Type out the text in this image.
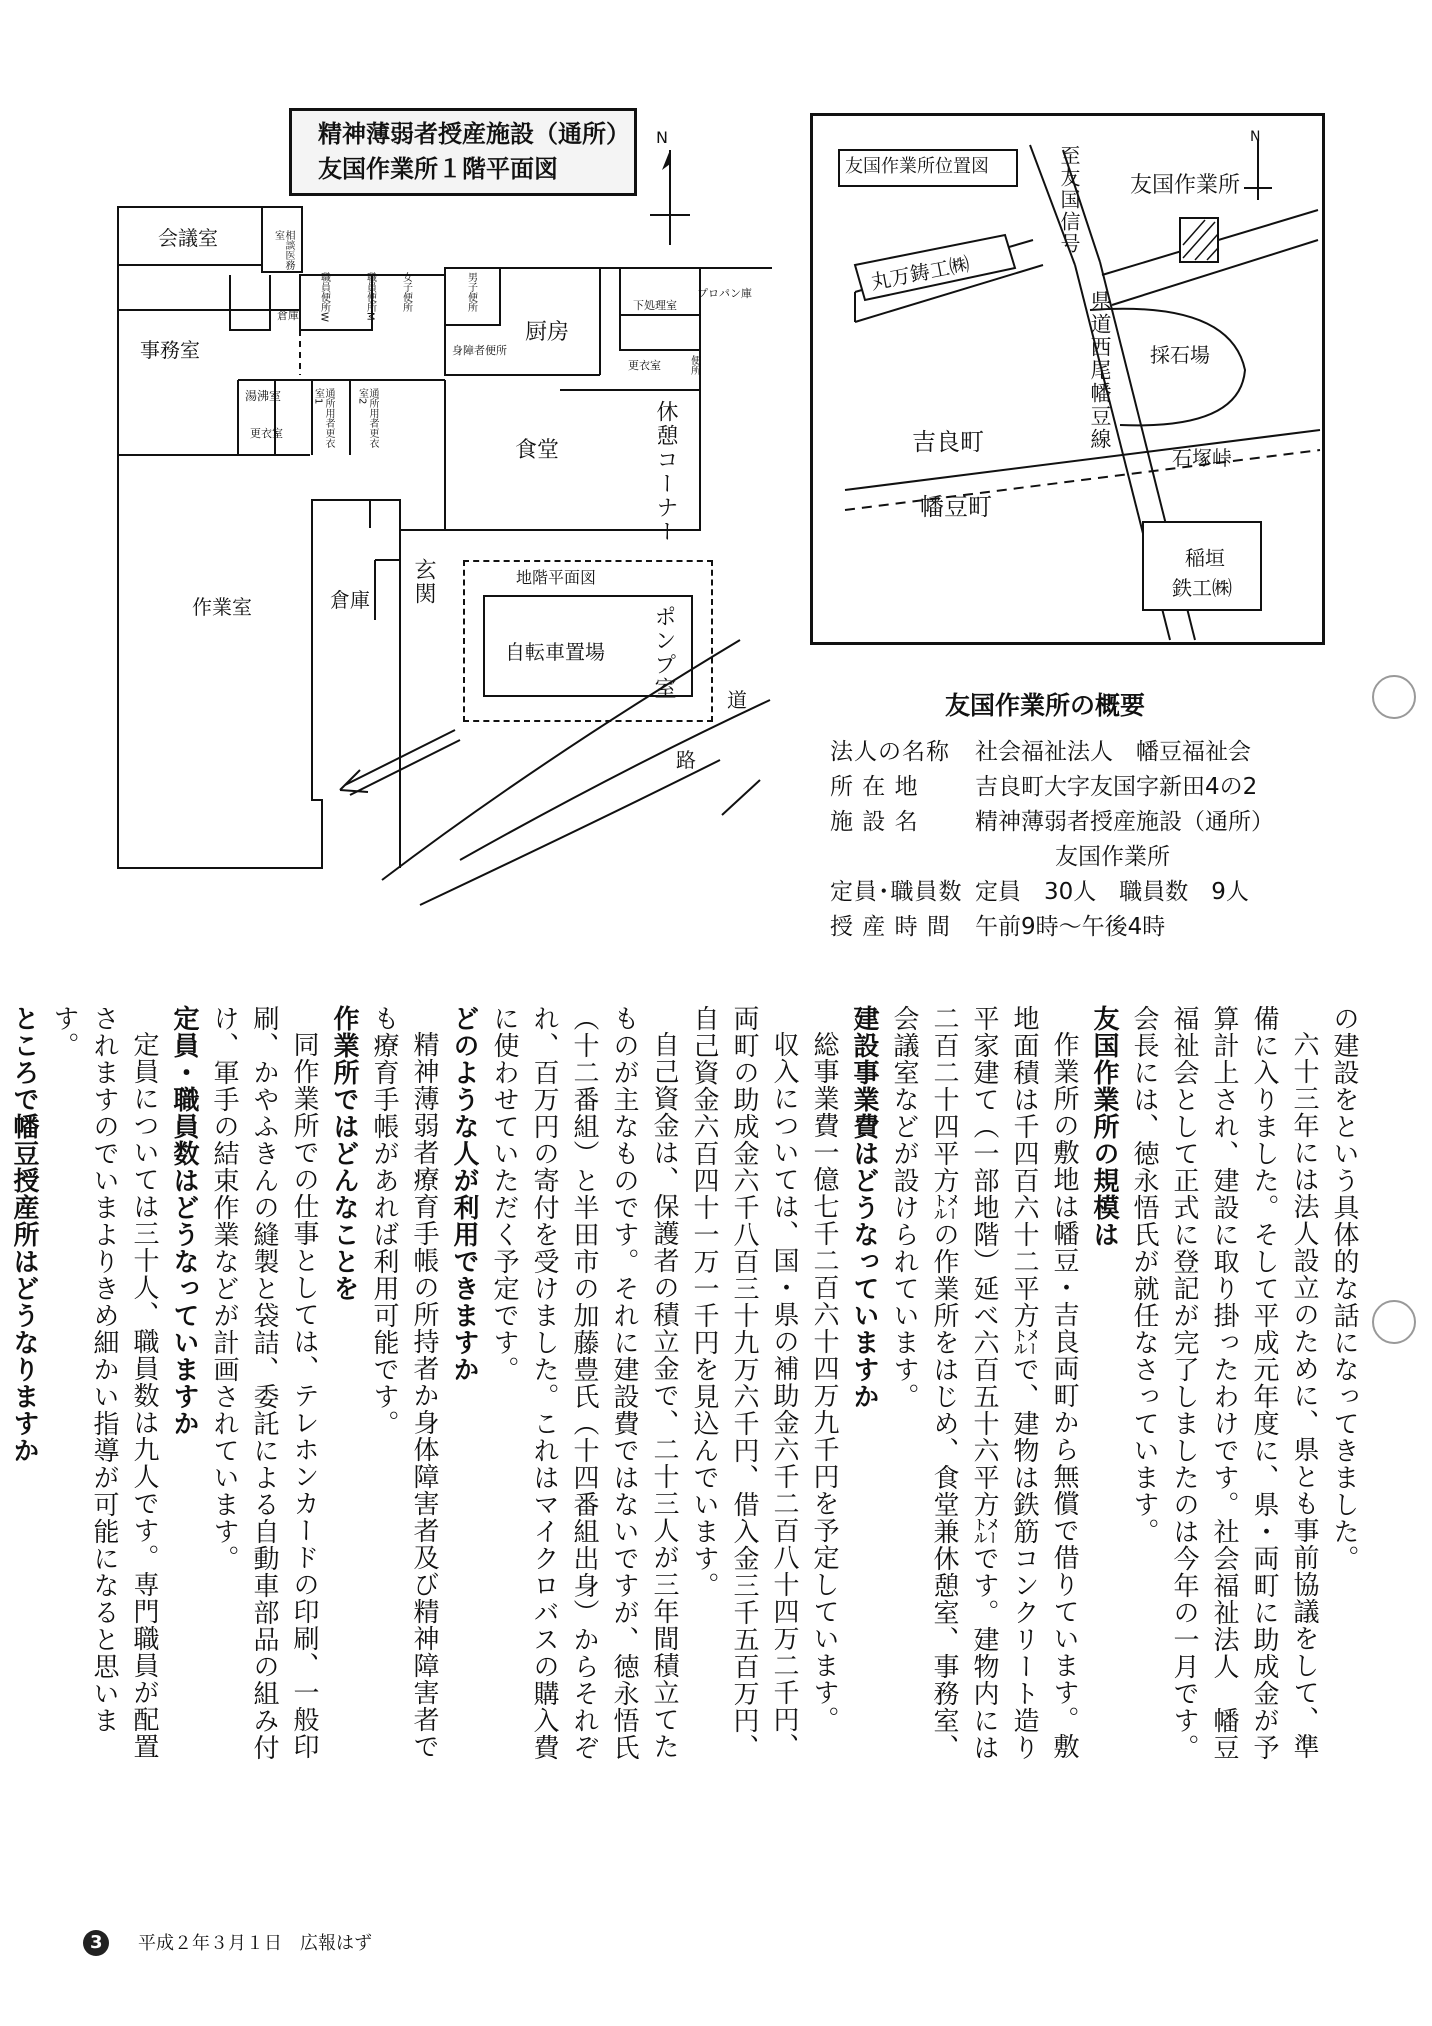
精神薄弱者授産施設（通所）
友国作業所１階平面図
N
会議室	相談医務室
倉庫 職員便所W	職員便所M	女子便所	男子便所
身障者便所
厨房
下処理室
プロパン庫
便所
更衣室
事務室
湯沸室
更衣室	通所用者更衣室1	通所用者更衣室2
食堂	休憩コーナー
作業室	倉庫 玄関	地階平面図
自転車置場 ポンプ室	道
路
友国作業所位置図
N
至友国信号 友国作業所
丸万鋳工㈱
県道西尾幡豆線 採石場
吉良町
幡豆町
石塚峠
稲垣
鉄工㈱
友国作業所の概要
法人の名称	社会福祉法人　幡豆福祉会
所 在 地	吉良町大字友国字新田4の2
施 設 名	精神薄弱者授産施設（通所）
友国作業所
定員･職員数 定員　30人　職員数　9人
授 産 時 間	午前9時～午後4時

の建設をという具体的な話になってきました。

六十三年には法人設立のために、県とも事前協議をして、準備に入りました。そして平成元年度に、県・両町に助成金が予算計上され、建設に取り掛ったわけです。社会福祉法人　幡豆福祉会として正式に登記が完了しましたのは今年の一月です。会長には、徳永悟氏が就任なさっています。

友国作業所の規模は

作業所の敷地は幡豆・吉良両町から無償で借りています。敷地面積は千四百六十二平方㍍で、建物は鉄筋コンクリート造り平家建て（一部地階）延べ六百五十六平方㍍です。建物内には二百二十四平方㍍の作業所をはじめ、食堂兼休憩室、事務室、会議室などが設けられています。

建設事業費はどうなっていますか

総事業費一億七千二百六十四万九千円を予定しています。

収入については、国・県の補助金六千二百八十四万二千円、両町の助成金六千八百三十九万六千円、借入金三千五百万円、自己資金六百四十一万一千円を見込んでいます。

自己資金は、保護者の積立金で、二十三人が三年間積立てたものが主なものです。それに建設費ではないですが、徳永悟氏（十二番組）と半田市の加藤豊氏（十四番組出身）からそれぞれ、百万円の寄付を受けました。これはマイクロバスの購入費に使わせていただく予定です。

どのような人が利用できますか

精神薄弱者療育手帳の所持者か身体障害者及び精神障害者でも療育手帳があれば利用可能です。

作業所ではどんなことを

同作業所での仕事としては、テレホンカードの印刷、一般印刷、かやふきんの縫製と袋詰、委託による自動車部品の組み付け、軍手の結束作業などが計画されています。

定員・職員数はどうなっていますか

定員については三十人、職員数は九人です。専門職員が配置されますのでいまよりきめ細かい指導が可能になると思います。

ところで幡豆授産所はどうなりますか

3 平成２年３月１日 広報はず
